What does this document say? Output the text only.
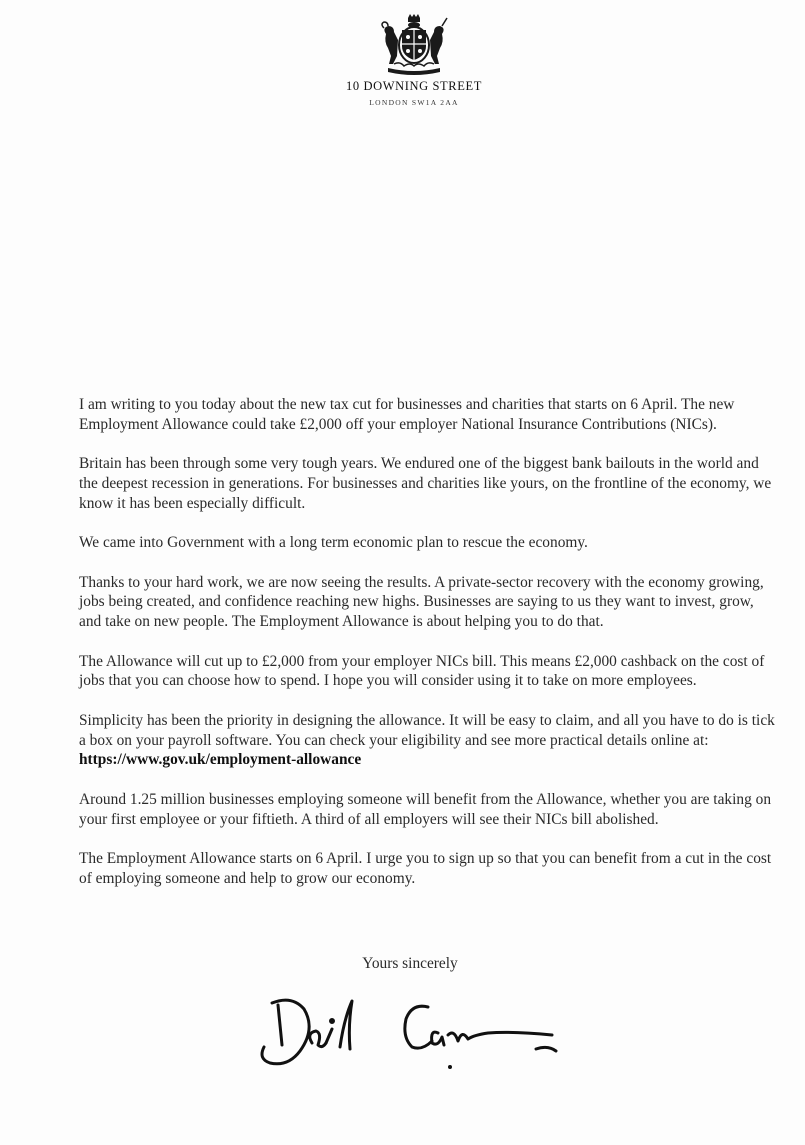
10 DOWNING STREET
LONDON SW1A 2AA

I am writing to you today about the new tax cut for businesses and charities that starts on 6 April. The new Employment Allowance could take £2,000 off your employer National Insurance Contributions (NICs).

Britain has been through some very tough years. We endured one of the biggest bank bailouts in the world and the deepest recession in generations. For businesses and charities like yours, on the frontline of the economy, we know it has been especially difficult.

We came into Government with a long term economic plan to rescue the economy.

Thanks to your hard work, we are now seeing the results. A private-sector recovery with the economy growing, jobs being created, and confidence reaching new highs. Businesses are saying to us they want to invest, grow, and take on new people. The Employment Allowance is about helping you to do that.

The Allowance will cut up to £2,000 from your employer NICs bill. This means £2,000 cashback on the cost of jobs that you can choose how to spend. I hope you will consider using it to take on more employees.

Simplicity has been the priority in designing the allowance. It will be easy to claim, and all you have to do is tick a box on your payroll software. You can check your eligibility and see more practical details online at: https://www.gov.uk/employment-allowance

Around 1.25 million businesses employing someone will benefit from the Allowance, whether you are taking on your first employee or your fiftieth. A third of all employers will see their NICs bill abolished.

The Employment Allowance starts on 6 April. I urge you to sign up so that you can benefit from a cut in the cost of employing someone and help to grow our economy.

Yours sincerely
